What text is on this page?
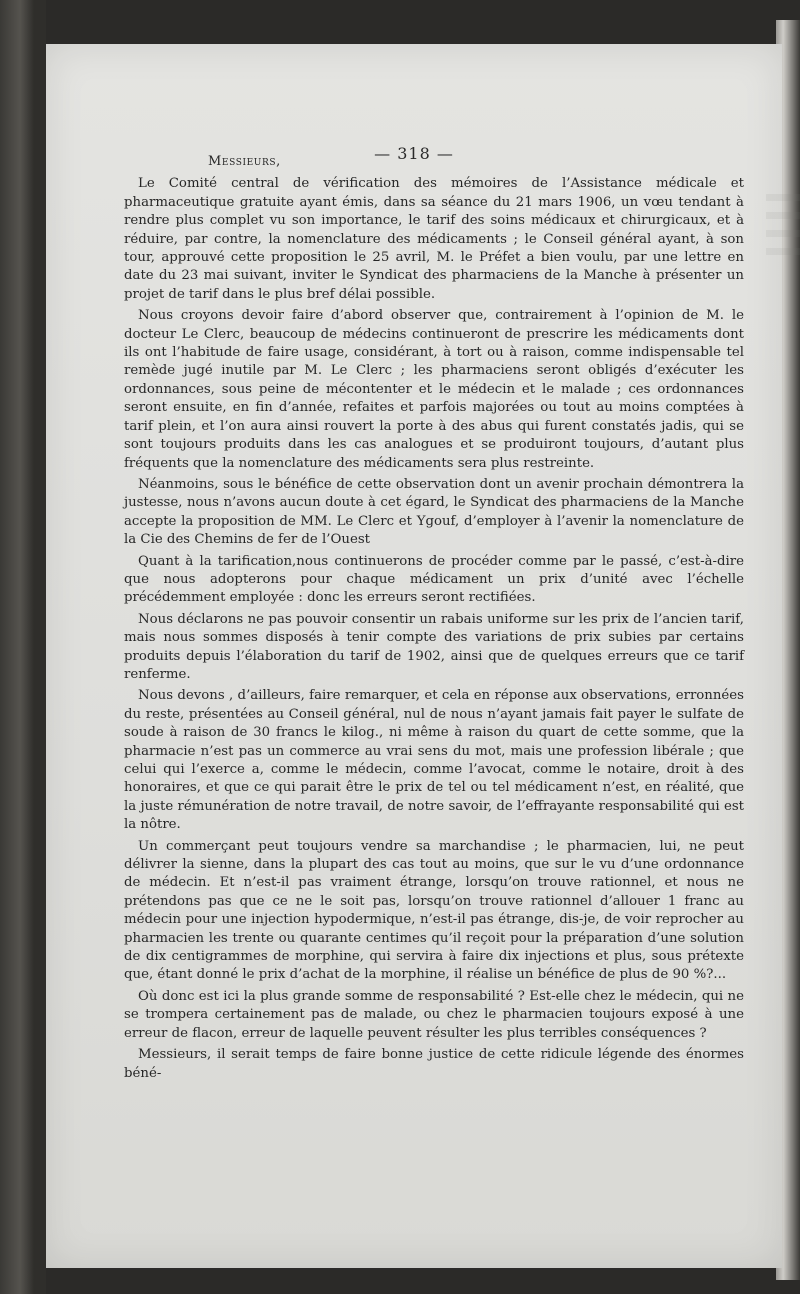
— 318 —

Messieurs,

Le Comité central de vérification des mémoires de l’Assistance médicale et pharmaceutique gratuite ayant émis, dans sa séance du 21 mars 1906, un vœu tendant à rendre plus complet vu son importance, le tarif des soins médicaux et chirurgicaux, et à réduire, par contre, la nomenclature des médicaments ; le Conseil général ayant, à son tour, approuvé cette proposition le 25 avril, M. le Préfet a bien voulu, par une lettre en date du 23 mai suivant, inviter le Syndicat des pharmaciens de la Manche à présenter un projet de tarif dans le plus bref délai possible.

Nous croyons devoir faire d’abord observer que, contrairement à l’opinion de M. le docteur Le Clerc, beaucoup de médecins continueront de prescrire les médicaments dont ils ont l’habitude de faire usage, considérant, à tort ou à raison, comme indispensable tel remède jugé inutile par M. Le Clerc ; les pharmaciens seront obligés d’exécuter les ordonnances, sous peine de mécontenter et le médecin et le malade ; ces ordonnances seront ensuite, en fin d’année, refaites et parfois majorées ou tout au moins comptées à tarif plein, et l’on aura ainsi rouvert la porte à des abus qui furent constatés jadis, qui se sont toujours produits dans les cas analogues et se produiront toujours, d’autant plus fréquents que la nomenclature des médicaments sera plus restreinte.

Néanmoins, sous le bénéfice de cette observation dont un avenir prochain démontrera la justesse, nous n’avons aucun doute à cet égard, le Syndicat des pharmaciens de la Manche accepte la proposition de MM. Le Clerc et Ygouf, d’employer à l’avenir la nomenclature de la Cie des Chemins de fer de l’Ouest

Quant à la tarification,nous continuerons de procéder comme par le passé, c’est-à-dire que nous adopterons pour chaque médicament un prix d’unité avec l’échelle précédemment employée : donc les erreurs seront rectifiées.

Nous déclarons ne pas pouvoir consentir un rabais uniforme sur les prix de l’ancien tarif, mais nous sommes disposés à tenir compte des variations de prix subies par certains produits depuis l’élaboration du tarif de 1902, ainsi que de quelques erreurs que ce tarif renferme.

Nous devons , d’ailleurs, faire remarquer, et cela en réponse aux observations, erronnées du reste, présentées au Conseil général, nul de nous n’ayant jamais fait payer le sulfate de soude à raison de 30 francs le kilog., ni même à raison du quart de cette somme, que la pharmacie n’est pas un commerce au vrai sens du mot, mais une profession libérale ; que celui qui l’exerce a, comme le médecin, comme l’avocat, comme le notaire, droit à des honoraires, et que ce qui parait être le prix de tel ou tel médicament n’est, en réalité, que la juste rémunération de notre travail, de notre savoir, de l’effrayante responsabilité qui est la nôtre.

Un commerçant peut toujours vendre sa marchandise ; le pharmacien, lui, ne peut délivrer la sienne, dans la plupart des cas tout au moins, que sur le vu d’une ordonnance de médecin. Et n’est-il pas vraiment étrange, lorsqu’on trouve rationnel, et nous ne prétendons pas que ce ne le soit pas, lorsqu’on trouve rationnel d’allouer 1 franc au médecin pour une injection hypodermique, n’est-il pas étrange, dis-je, de voir reprocher au pharmacien les trente ou quarante centimes qu’il reçoit pour la préparation d’une solution de dix centigrammes de morphine, qui servira à faire dix injections et plus, sous prétexte que, étant donné le prix d’achat de la morphine, il réalise un bénéfice de plus de 90 %?...

Où donc est ici la plus grande somme de responsabilité ? Est-elle chez le médecin, qui ne se trompera certainement pas de malade, ou chez le pharmacien toujours exposé à une erreur de flacon, erreur de laquelle peuvent résulter les plus terribles conséquences ?

Messieurs, il serait temps de faire bonne justice de cette ridicule légende des énormes béné-
